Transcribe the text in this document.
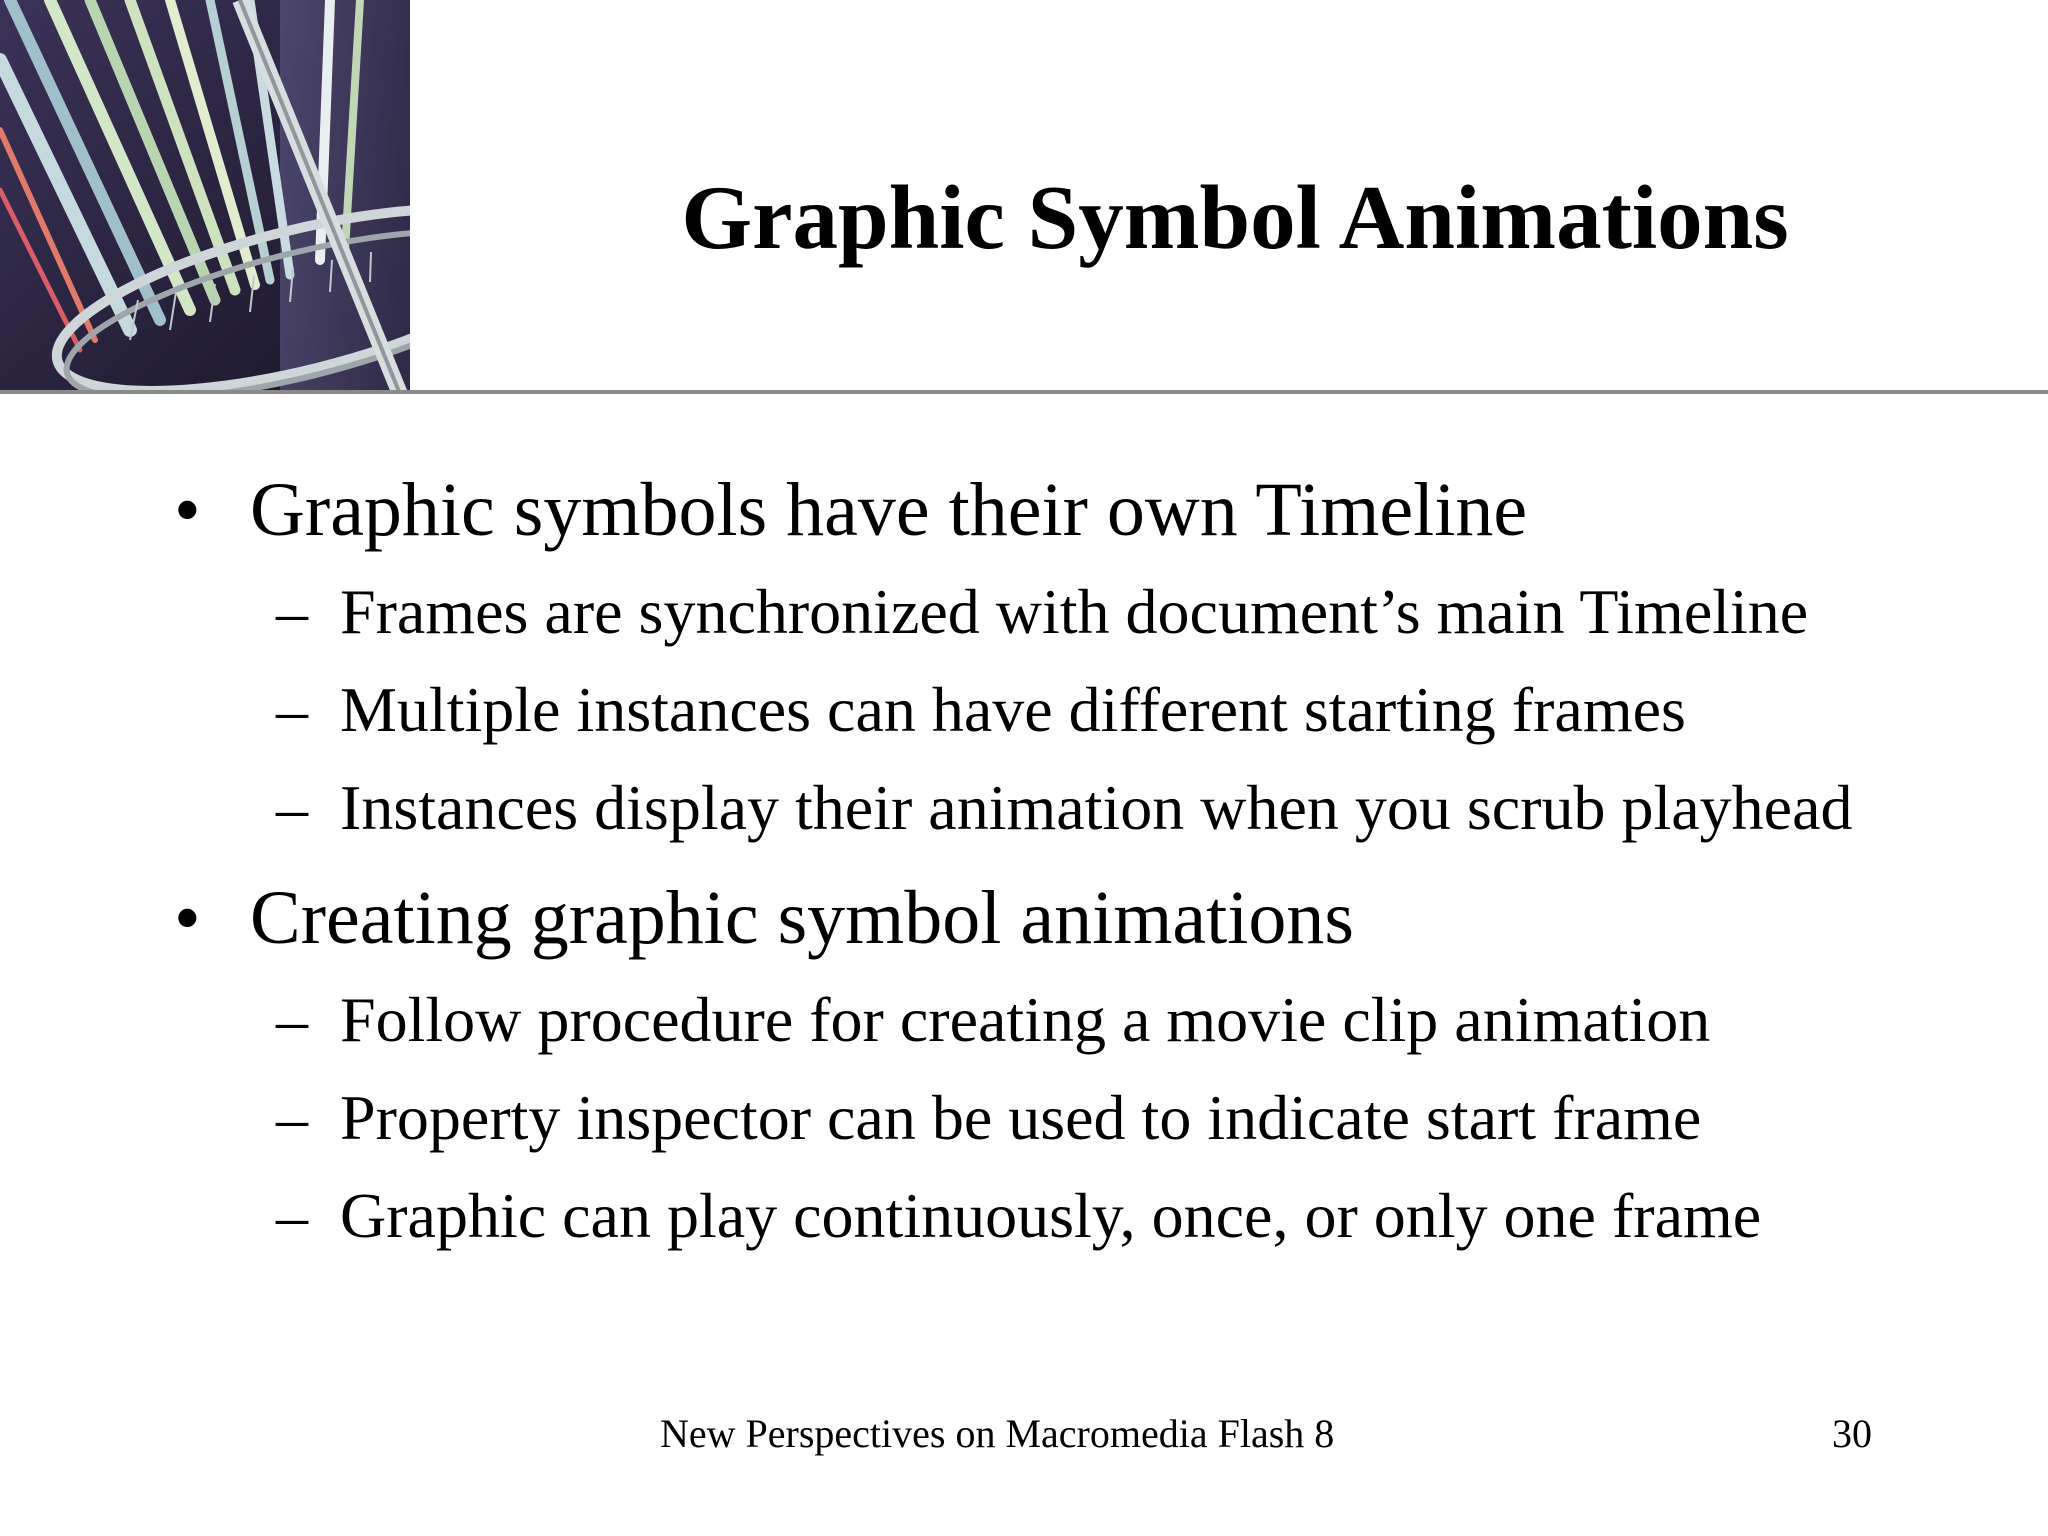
Graphic Symbol Animations
• Graphic symbols have their own Timeline
– Frames are synchronized with document’s main Timeline
– Multiple instances can have different starting frames
– Instances display their animation when you scrub playhead
• Creating graphic symbol animations
– Follow procedure for creating a movie clip animation
– Property inspector can be used to indicate start frame
– Graphic can play continuously, once, or only one frame
New Perspectives on Macromedia Flash 8	30
